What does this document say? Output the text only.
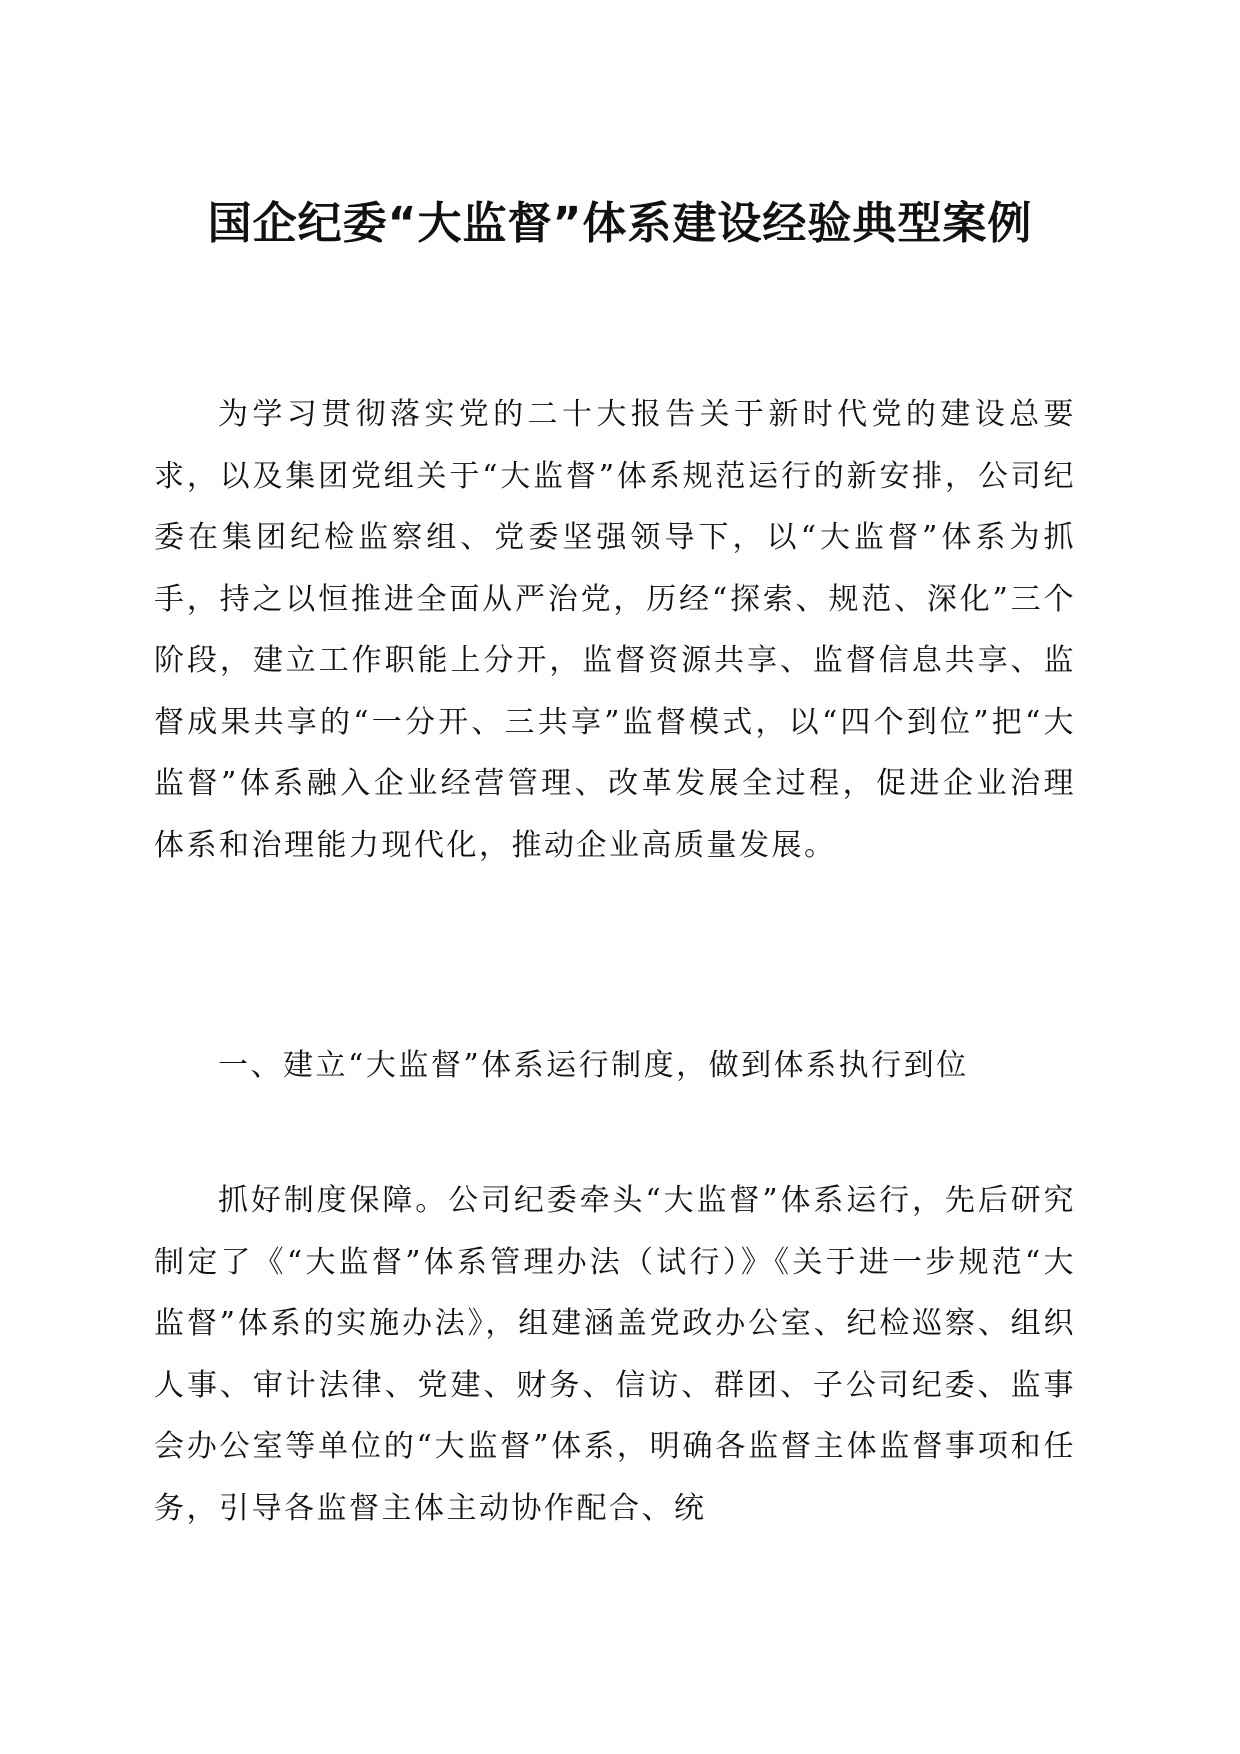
国企纪委“大监督”体系建设经验典型案例

为学习贯彻落实党的二十大报告关于新时代党的建设总要求，以及集团党组关于“大监督”体系规范运行的新安排，公司纪委在集团纪检监察组、党委坚强领导下，以“大监督”体系为抓手，持之以恒推进全面从严治党，历经“探索、规范、深化”三个阶段，建立工作职能上分开，监督资源共享、监督信息共享、监督成果共享的“一分开、三共享”监督模式，以“四个到位”把“大监督”体系融入企业经营管理、改革发展全过程，促进企业治理体系和治理能力现代化，推动企业高质量发展。

一、建立“大监督”体系运行制度，做到体系执行到位

抓好制度保障。公司纪委牵头“大监督”体系运行，先后研究制定了《“大监督”体系管理办法（试行）》《关于进一步规范“大监督”体系的实施办法》，组建涵盖党政办公室、纪检巡察、组织人事、审计法律、党建、财务、信访、群团、子公司纪委、监事会办公室等单位的“大监督”体系，明确各监督主体监督事项和任务，引导各监督主体主动协作配合、统
